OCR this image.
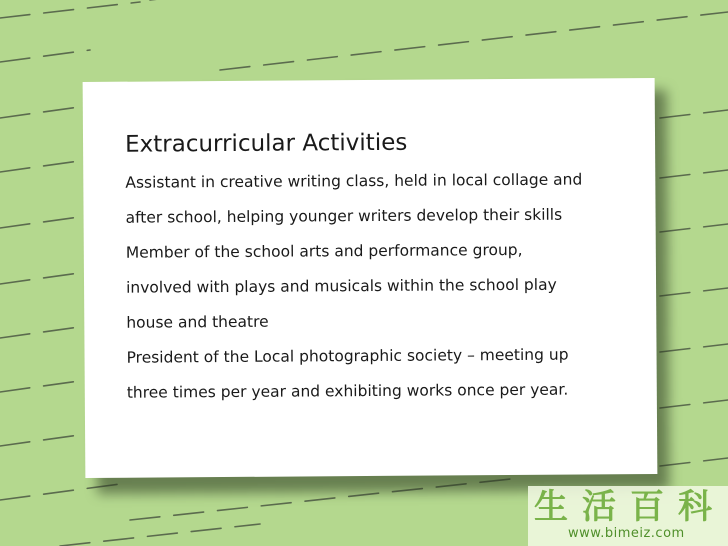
Extracurricular Activities
Assistant in creative writing class, held in local collage and
after school, helping younger writers develop their skills
Member of the school arts and performance group,
involved with plays and musicals within the school play
house and theatre
President of the Local photographic society – meeting up
three times per year and exhibiting works once per year.
生 活 百 科
www.bimeiz.com
